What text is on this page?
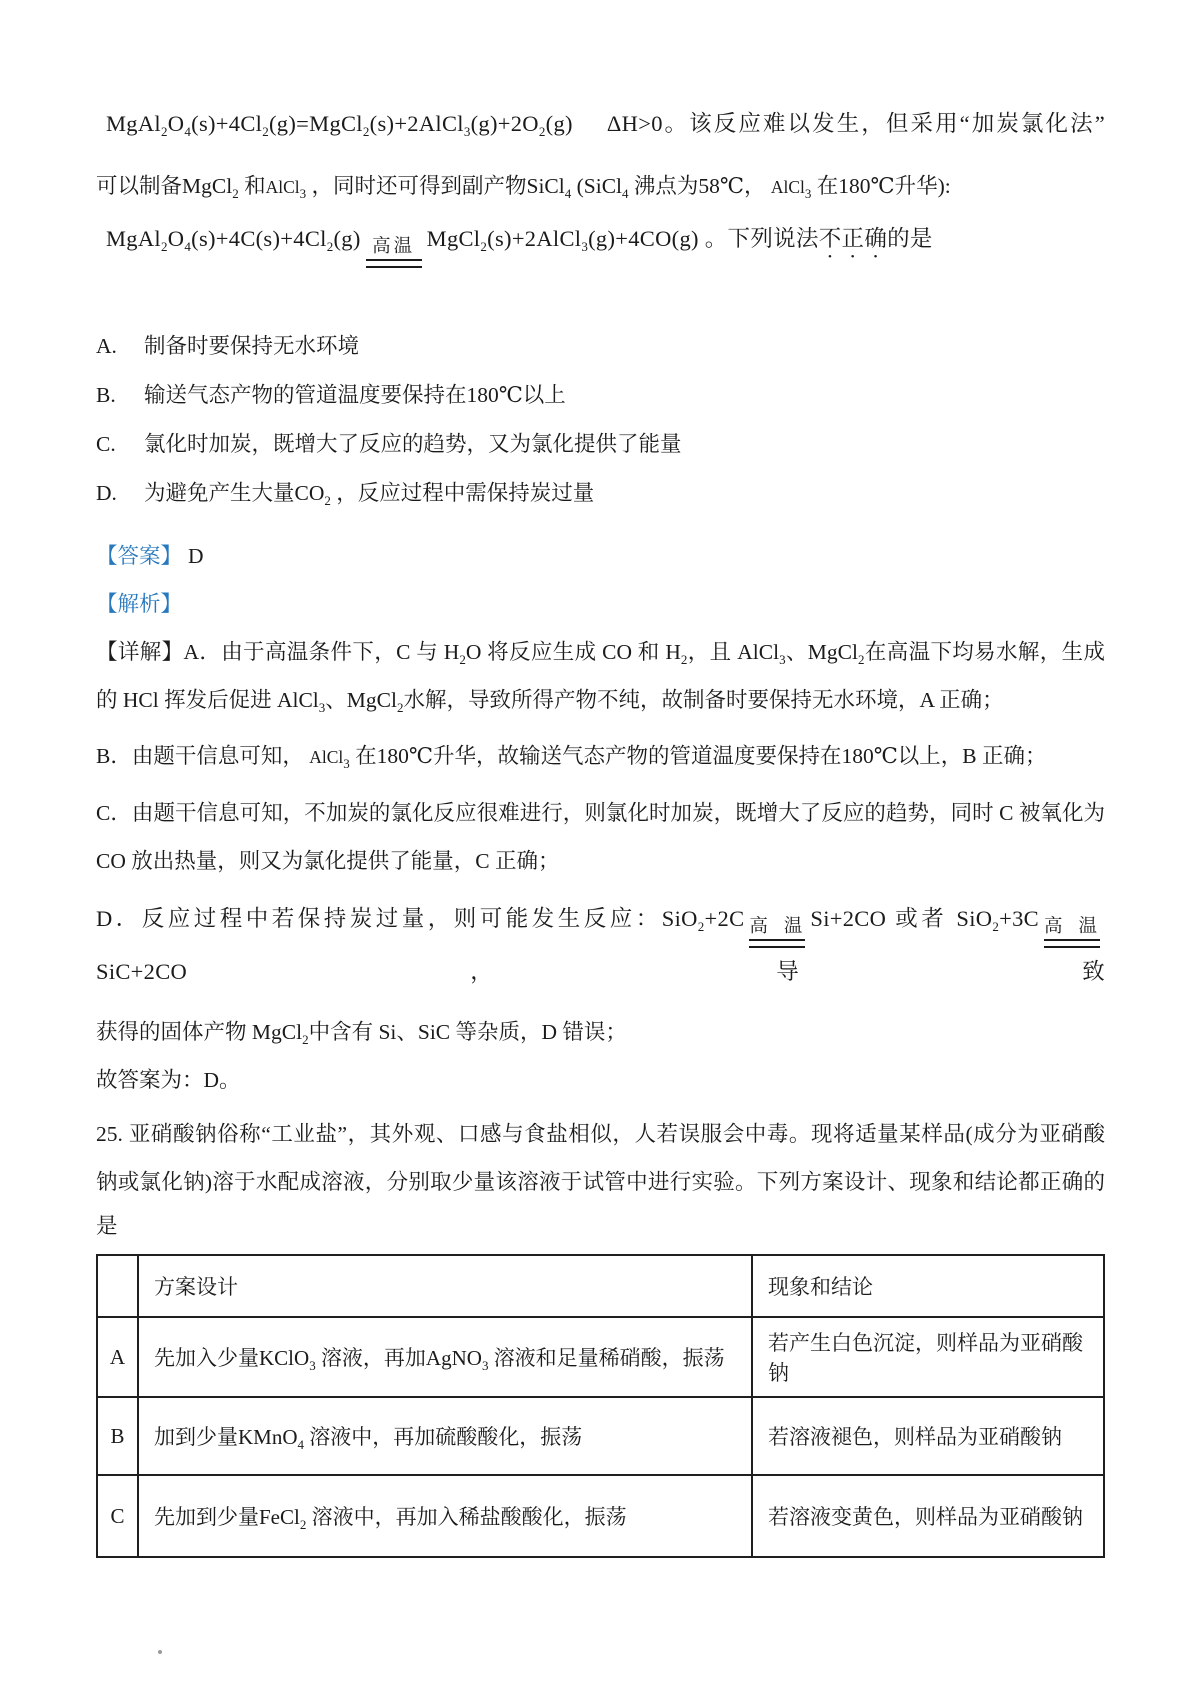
$MgAl_2O_4(s)+4Cl_2(g)=MgCl_2(s)+2AlCl_3(g)+2O_2(g)$　 ΔH>0。该反应难以发生，但采用“加炭氯化法”
可以制备MgCl$_2$ 和AlCl$_3$ ，同时还可得到副产物SiCl$_4$ (SiCl$_4$ 沸点为58℃， AlCl$_3$ 在180℃升华):
$MgAl_2O_4(s)+4C(s)+4Cl_2(g)$ 高温 MgCl$_2$(s)+2AlCl$_3$(g)+4CO(g) 。下列说法不正确的是
A.	制备时要保持无水环境
B.	输送气态产物的管道温度要保持在180℃以上
C.	氯化时加炭，既增大了反应的趋势，又为氯化提供了能量
D.	为避免产生大量$CO_2$ ，反应过程中需保持炭过量
【答案】 D
【解析】
【详解】A．由于高温条件下，C 与 $H_2O$ 将反应生成 CO 和 $H_2$，且 AlCl$_3$、MgCl$_2$在高温下均易水解，生成
的 HCl 挥发后促进 AlCl$_3$、MgCl$_2$水解，导致所得产物不纯，故制备时要保持无水环境，A 正确；
B．由题干信息可知， AlCl$_3$ 在180℃升华，故输送气态产物的管道温度要保持在180℃以上，B 正确；
C．由题干信息可知，不加炭的氯化反应很难进行，则氯化时加炭，既增大了反应的趋势，同时 C 被氧化为
CO 放出热量，则又为氯化提供了能量，C 正确；
D．反应过程中若保持炭过量，则可能发生反应：SiO$_2$+2C 高温 Si+2CO 或者 SiO$_2$+3C 高温
SiC+2CO，导致
获得的固体产物 MgCl$_2$中含有 Si、SiC 等杂质，D 错误；
故答案为：D。
25. 亚硝酸钠俗称“工业盐”，其外观、口感与食盐相似，人若误服会中毒。现将适量某样品(成分为亚硝酸
钠或氯化钠)溶于水配成溶液，分别取少量该溶液于试管中进行实验。下列方案设计、现象和结论都正确的
是
	方案设计	现象和结论
A	先加入少量KClO$_3$ 溶液，再加AgNO$_3$ 溶液和足量稀硝酸，振荡	若产生白色沉淀，则样品为亚硝酸钠
B	加到少量KMnO$_4$ 溶液中，再加硫酸酸化，振荡	若溶液褪色，则样品为亚硝酸钠
C	先加到少量FeCl$_2$ 溶液中，再加入稀盐酸酸化，振荡	若溶液变黄色，则样品为亚硝酸钠
